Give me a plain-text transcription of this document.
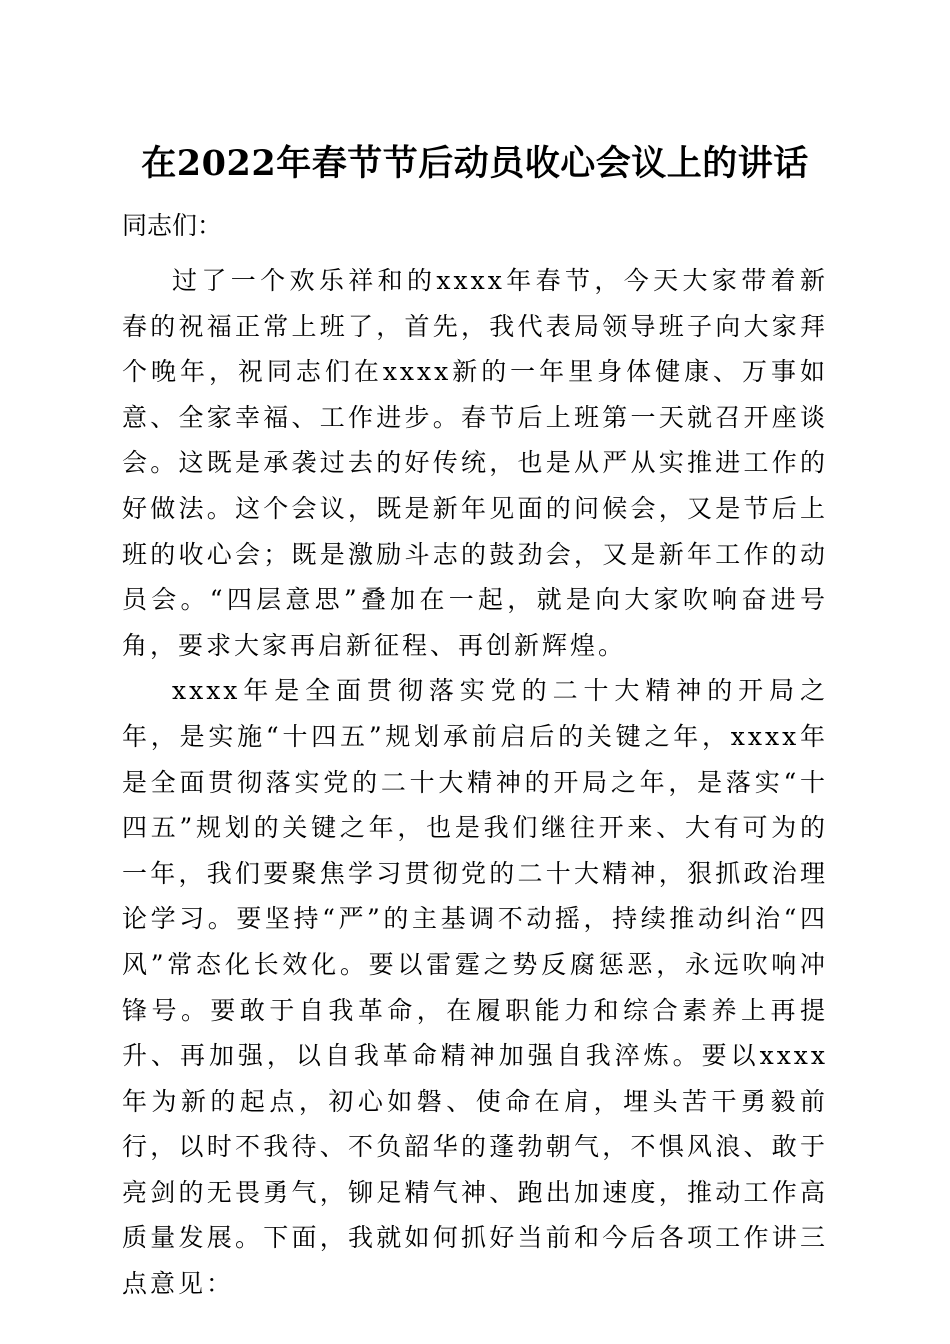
在2022年春节节后动员收心会议上的讲话
同志们：

过了一个欢乐祥和的xxxx年春节，今天大家带着新春的祝福正常上班了，首先，我代表局领导班子向大家拜个晚年，祝同志们在xxxx新的一年里身体健康、万事如意、全家幸福、工作进步。春节后上班第一天就召开座谈会。这既是承袭过去的好传统，也是从严从实推进工作的好做法。这个会议，既是新年见面的问候会，又是节后上班的收心会；既是激励斗志的鼓劲会，又是新年工作的动员会。“四层意思”叠加在一起，就是向大家吹响奋进号角，要求大家再启新征程、再创新辉煌。

xxxx年是全面贯彻落实党的二十大精神的开局之年，是实施“十四五”规划承前启后的关键之年，xxxx年是全面贯彻落实党的二十大精神的开局之年，是落实“十四五”规划的关键之年，也是我们继往开来、大有可为的一年，我们要聚焦学习贯彻党的二十大精神，狠抓政治理论学习。要坚持“严”的主基调不动摇，持续推动纠治“四风”常态化长效化。要以雷霆之势反腐惩恶，永远吹响冲锋号。要敢于自我革命，在履职能力和综合素养上再提升、再加强，以自我革命精神加强自我淬炼。要以xxxx年为新的起点，初心如磐、使命在肩，埋头苦干勇毅前行，以时不我待、不负韶华的蓬勃朝气，不惧风浪、敢于亮剑的无畏勇气，铆足精气神、跑出加速度，推动工作高质量发展。下面，我就如何抓好当前和今后各项工作讲三点意见：
